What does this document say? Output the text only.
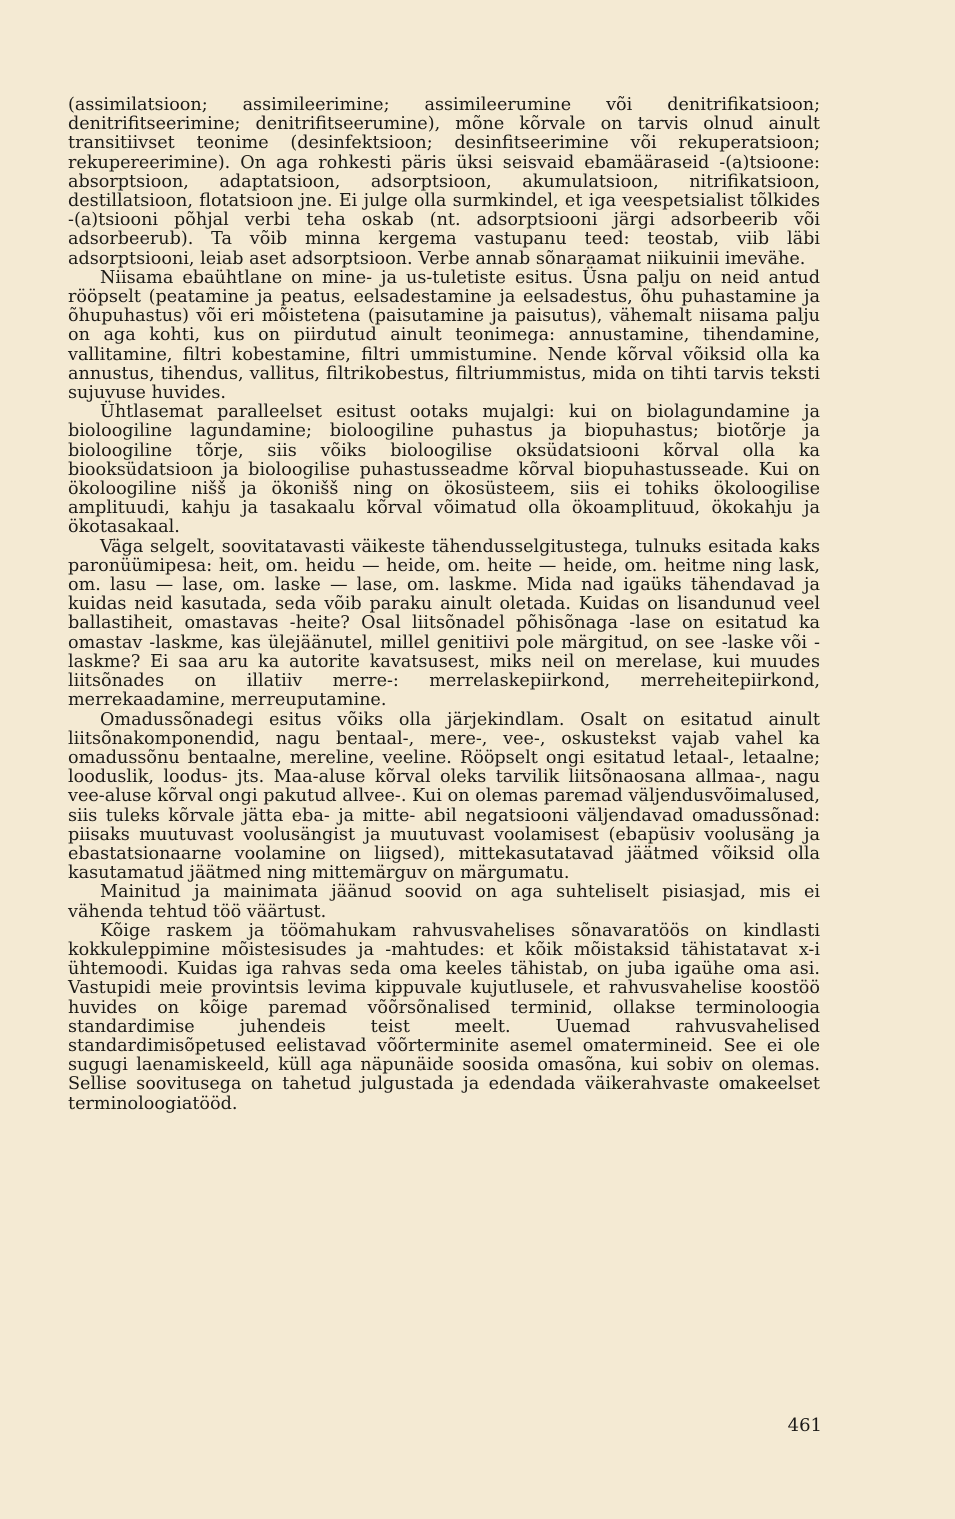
(assimilatsioon; assimileerimine; assimileerumine või denitrifikatsioon; denitrifitseerimine; denitrifitseerumine), mõne kõrvale on tarvis olnud ainult transitiivset teonime (desinfektsioon; desinfitseerimine või rekuperatsioon; rekupereerimine). On aga rohkesti päris üksi seisvaid ebamääraseid -(a)tsioone: absorptsioon, adaptatsioon, adsorptsioon, akumulatsioon, nitrifikatsioon, destillatsioon, flotatsioon jne. Ei julge olla surmkindel, et iga veespetsialist tõlkides -(a)tsiooni põhjal verbi teha oskab (nt. adsorptsiooni järgi adsorbeerib või adsorbeerub). Ta võib minna kergema vastupanu teed: teostab, viib läbi adsorptsiooni, leiab aset adsorptsioon. Verbe annab sõnaraamat niikuinii imevähe.

Niisama ebaühtlane on mine- ja us-tuletiste esitus. Üsna palju on neid antud rööpselt (peatamine ja peatus, eelsadestamine ja eelsadestus, õhu puhastamine ja õhupuhastus) või eri mõistetena (paisutamine ja paisutus), vähemalt niisama palju on aga kohti, kus on piirdutud ainult teonimega: annustamine, tihendamine, vallitamine, filtri kobestamine, filtri ummistumine. Nende kõrval võiksid olla ka annustus, tihendus, vallitus, filtrikobestus, filtriummistus, mida on tihti tarvis teksti sujuvuse huvides.

Ühtlasemat paralleelset esitust ootaks mujalgi: kui on biolagundamine ja bioloogiline lagundamine; bioloogiline puhastus ja biopuhastus; biotõrje ja bioloogiline tõrje, siis võiks bioloogilise oksüdatsiooni kõrval olla ka biooksüdatsioon ja bioloogilise puhastusseadme kõrval biopuhastusseade. Kui on ökoloogiline nišš ja ökonišš ning on ökosüsteem, siis ei tohiks ökoloogilise amplituudi, kahju ja tasakaalu kõrval võimatud olla ökoamplituud, ökokahju ja ökotasakaal.

Väga selgelt, soovitatavasti väikeste tähendusselgitustega, tulnuks esitada kaks paronüümipesa: heit, om. heidu — heide, om. heite — heide, om. heitme ning lask, om. lasu — lase, om. laske — lase, om. laskme. Mida nad igaüks tähendavad ja kuidas neid kasutada, seda võib paraku ainult oletada. Kuidas on lisandunud veel ballastiheit, omastavas -heite? Osal liitsõnadel põhisõnaga -lase on esitatud ka omastav -laskme, kas ülejäänutel, millel genitiivi pole märgitud, on see -laske või -laskme? Ei saa aru ka autorite kavatsusest, miks neil on merelase, kui muudes liitsõnades on illatiiv merre-: merrelaskepiirkond, merreheitepiirkond, merrekaadamine, merreuputamine.

Omadussõnadegi esitus võiks olla järjekindlam. Osalt on esitatud ainult liitsõnakomponendid, nagu bentaal-, mere-, vee-, oskustekst vajab vahel ka omadussõnu bentaalne, mereline, veeline. Rööpselt ongi esitatud letaal-, letaalne; looduslik, loodus- jts. Maa-aluse kõrval oleks tarvilik liitsõnaosana allmaa-, nagu vee-aluse kõrval ongi pakutud allvee-. Kui on olemas paremad väljendusvõimalused, siis tuleks kõrvale jätta eba- ja mitte- abil negatsiooni väljendavad omadussõnad: piisaks muutuvast voolusängist ja muutuvast voolamisest (ebapüsiv voolusäng ja ebastatsionaarne voolamine on liigsed), mittekasutatavad jäätmed võiksid olla kasutamatud jäätmed ning mittemärguv on märgumatu.

Mainitud ja mainimata jäänud soovid on aga suhteliselt pisiasjad, mis ei vähenda tehtud töö väärtust.

Kõige raskem ja töömahukam rahvusvahelises sõnavaratöös on kindlasti kokkuleppimine mõistesisudes ja -mahtudes: et kõik mõistaksid tähistatavat x-i ühtemoodi. Kuidas iga rahvas seda oma keeles tähistab, on juba igaühe oma asi. Vastupidi meie provintsis levima kippuvale kujutlusele, et rahvusvahelise koostöö huvides on kõige paremad võõrsõnalised terminid, ollakse terminoloogia standardimise juhendeis teist meelt. Uuemad rahvusvahelised standardimisõpetused eelistavad võõrterminite asemel omatermineid. See ei ole sugugi laenamiskeeld, küll aga näpunäide soosida omasõna, kui sobiv on olemas. Sellise soovitusega on tahetud julgustada ja edendada väikerahvaste omakeelset terminoloogiatööd.

461
